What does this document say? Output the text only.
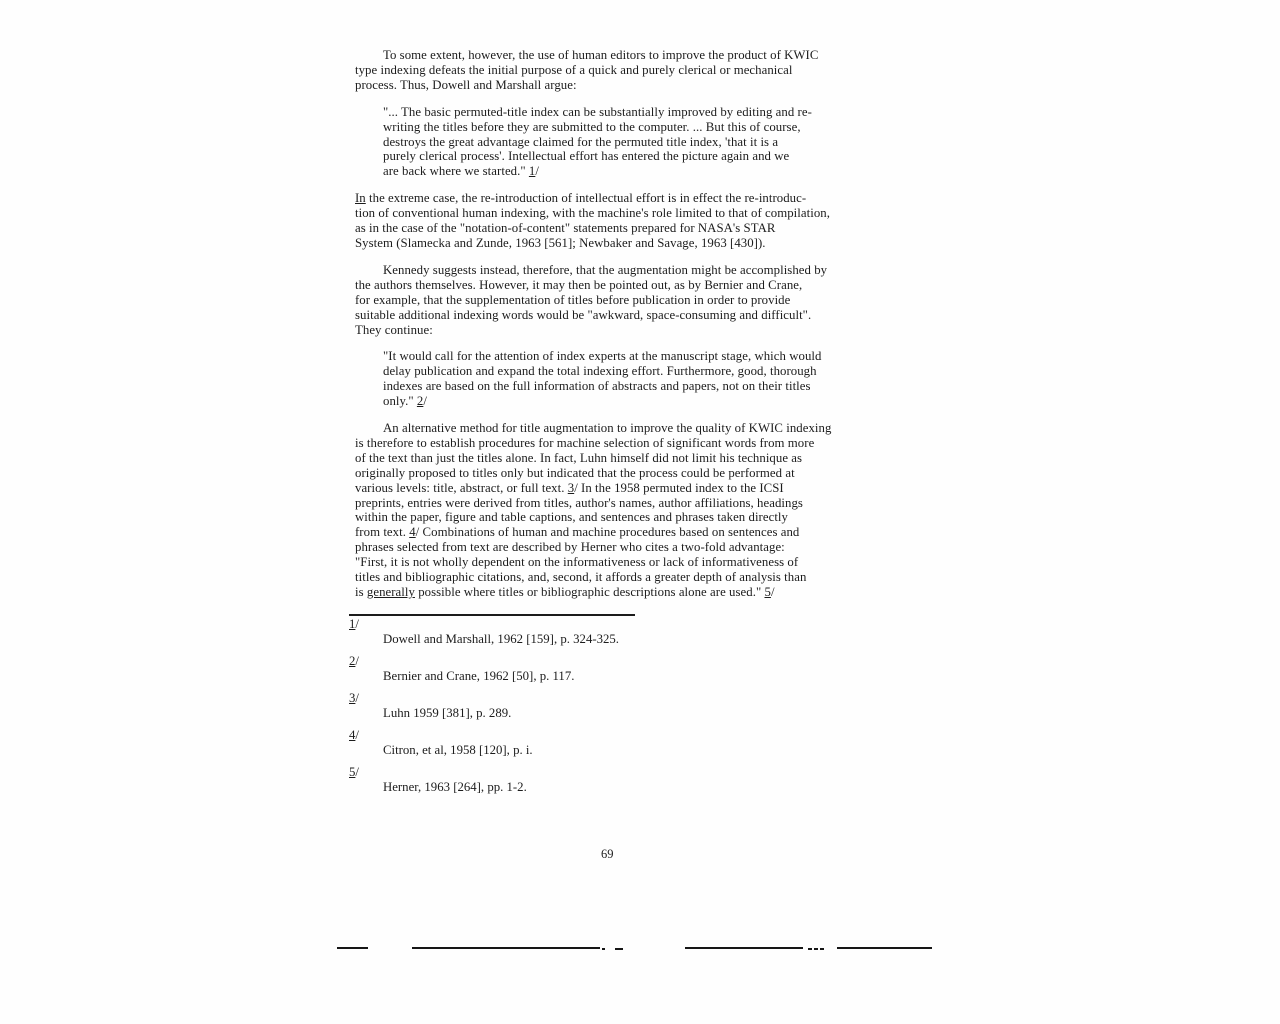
To some extent, however, the use of human editors to improve the product of KWIC
type indexing defeats the initial purpose of a quick and purely clerical or mechanical
process. Thus, Dowell and Marshall argue:
"... The basic permuted-title index can be substantially improved by editing and re-
writing the titles before they are submitted to the computer. ... But this of course,
destroys the great advantage claimed for the permuted title index, 'that it is a
purely clerical process'. Intellectual effort has entered the picture again and we
are back where we started." 1/
In the extreme case, the re-introduction of intellectual effort is in effect the re-introduc-
tion of conventional human indexing, with the machine's role limited to that of compilation,
as in the case of the "notation-of-content" statements prepared for NASA's STAR
System (Slamecka and Zunde, 1963 [561]; Newbaker and Savage, 1963 [430]).
Kennedy suggests instead, therefore, that the augmentation might be accomplished by
the authors themselves. However, it may then be pointed out, as by Bernier and Crane,
for example, that the supplementation of titles before publication in order to provide
suitable additional indexing words would be "awkward, space-consuming and difficult".
They continue:
"It would call for the attention of index experts at the manuscript stage, which would
delay publication and expand the total indexing effort. Furthermore, good, thorough
indexes are based on the full information of abstracts and papers, not on their titles
only." 2/
An alternative method for title augmentation to improve the quality of KWIC indexing
is therefore to establish procedures for machine selection of significant words from more
of the text than just the titles alone. In fact, Luhn himself did not limit his technique as
originally proposed to titles only but indicated that the process could be performed at
various levels: title, abstract, or full text. 3/ In the 1958 permuted index to the ICSI
preprints, entries were derived from titles, author's names, author affiliations, headings
within the paper, figure and table captions, and sentences and phrases taken directly
from text. 4/ Combinations of human and machine procedures based on sentences and
phrases selected from text are described by Herner who cites a two-fold advantage:
"First, it is not wholly dependent on the informativeness or lack of informativeness of
titles and bibliographic citations, and, second, it affords a greater depth of analysis than
is generally possible where titles or bibliographic descriptions alone are used." 5/
1/
Dowell and Marshall, 1962 [159], p. 324-325.
2/
Bernier and Crane, 1962 [50], p. 117.
3/
Luhn 1959 [381], p. 289.
4/
Citron, et al, 1958 [120], p. i.
5/
Herner, 1963 [264], pp. 1-2.
69
